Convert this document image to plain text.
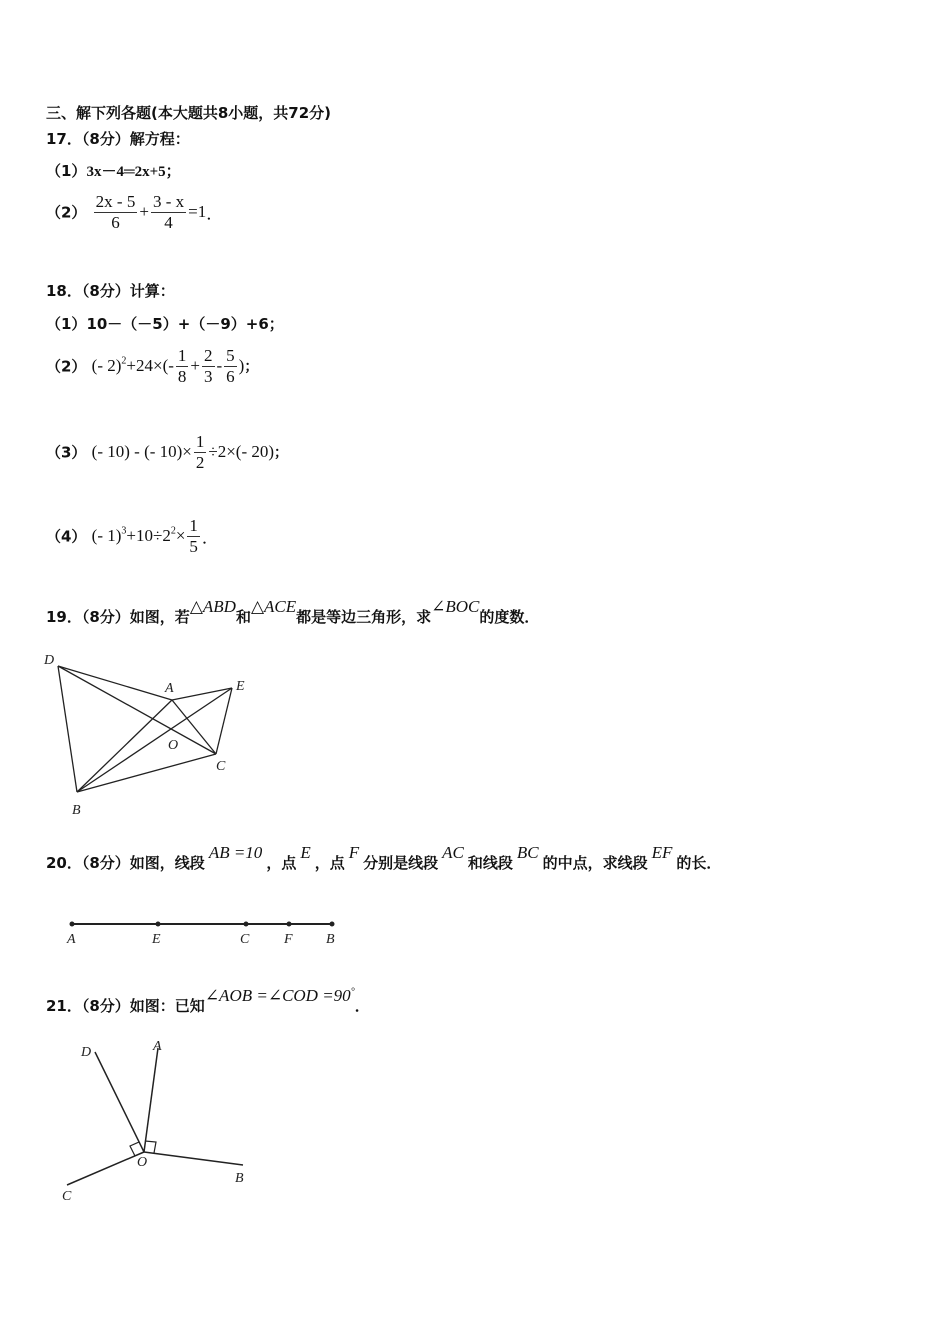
三、解下列各题(本大题共8小题，共72分)
17．（8分）解方程：
（1）3x－4═2x+5；
$(2) \frac{2x - 5}{6} + \frac{3 - x}{4} =1$．
18．（8分）计算：
（1）10－（－5）+（－9）+6；
（2） (- $2)^2+24\times(- \frac{1}{8} + \frac{2}{3} - \frac{5}{6}$ )；
（3） (- 10) - (- $10)\times \frac{1}{2} \div 2\times(-$ 20)；
（4） (- $1)^3+10\div 2^2\times \frac{1}{5}$ ．
19．（8分）如图，若△ABD和△ACE都是等边三角形，求∠BOC的度数．
D
A	E
O
C
B
20．（8分）如图，线段AB =10，点E，点F分别是线段AC和线段BC的中点，求线段EF的长．
A	E	C F B
21．（8分）如图：已知∠AOB =∠COD =90°．
D	A
O
C
B
